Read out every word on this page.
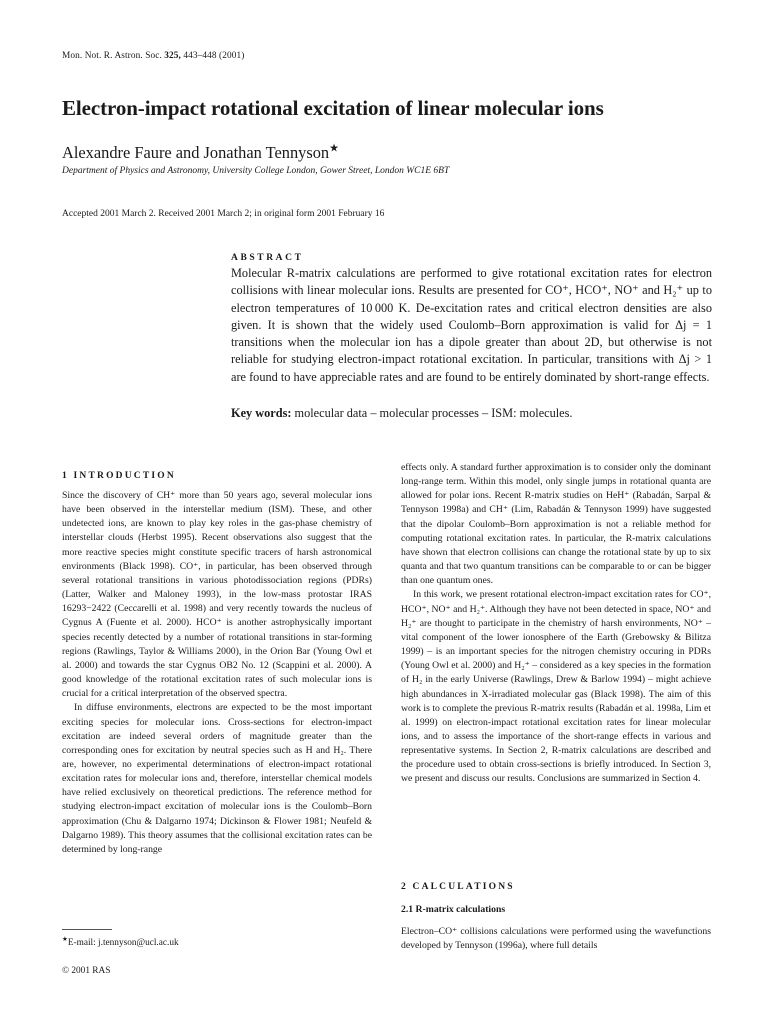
Mon. Not. R. Astron. Soc. 325, 443–448 (2001)
Electron-impact rotational excitation of linear molecular ions
Alexandre Faure and Jonathan Tennyson★
Department of Physics and Astronomy, University College London, Gower Street, London WC1E 6BT
Accepted 2001 March 2. Received 2001 March 2; in original form 2001 February 16
ABSTRACT

Molecular R-matrix calculations are performed to give rotational excitation rates for electron collisions with linear molecular ions. Results are presented for CO⁺, HCO⁺, NO⁺ and H₂⁺ up to electron temperatures of 10 000 K. De-excitation rates and critical electron densities are also given. It is shown that the widely used Coulomb–Born approximation is valid for Δj = 1 transitions when the molecular ion has a dipole greater than about 2D, but otherwise is not reliable for studying electron-impact rotational excitation. In particular, transitions with Δj > 1 are found to have appreciable rates and are found to be entirely dominated by short-range effects.

Key words: molecular data – molecular processes – ISM: molecules.

1 INTRODUCTION

Since the discovery of CH⁺ more than 50 years ago, several molecular ions have been observed in the interstellar medium (ISM). These, and other undetected ions, are known to play key roles in the gas-phase chemistry of interstellar clouds (Herbst 1995). Recent observations also suggest that the more reactive species might constitute specific tracers of harsh astronomical environments (Black 1998). CO⁺, in particular, has been observed through several rotational transitions in various photodissociation regions (PDRs) (Latter, Walker and Maloney 1993), in the low-mass protostar IRAS 16293−2422 (Ceccarelli et al. 1998) and very recently towards the nucleus of Cygnus A (Fuente et al. 2000). HCO⁺ is another astrophysically important species recently detected by a number of rotational transitions in star-forming regions (Rawlings, Taylor & Williams 2000), in the Orion Bar (Young Owl et al. 2000) and towards the star Cygnus OB2 No. 12 (Scappini et al. 2000). A good knowledge of the rotational excitation rates of such molecular ions is crucial for a critical interpretation of the observed spectra.

In diffuse environments, electrons are expected to be the most important exciting species for molecular ions. Cross-sections for electron-impact excitation are indeed several orders of magnitude greater than the corresponding ones for excitation by neutral species such as H and H₂. There are, however, no experimental determinations of electron-impact rotational excitation rates for molecular ions and, therefore, interstellar chemical models have relied exclusively on theoretical predictions. The reference method for studying electron-impact excitation of molecular ions is the Coulomb–Born approximation (Chu & Dalgarno 1974; Dickinson & Flower 1981; Neufeld & Dalgarno 1989). This theory assumes that the collisional excitation rates can be determined by long-range

effects only. A standard further approximation is to consider only the dominant long-range term. Within this model, only single jumps in rotational quanta are allowed for polar ions. Recent R-matrix studies on HeH⁺ (Rabadán, Sarpal & Tennyson 1998a) and CH⁺ (Lim, Rabadán & Tennyson 1999) have suggested that the dipolar Coulomb–Born approximation is not a reliable method for computing rotational excitation rates. In particular, the R-matrix calculations have shown that electron collisions can change the rotational state by up to six quanta and that two quantum transitions can be comparable to or can be bigger than one quantum ones.

In this work, we present rotational electron-impact excitation rates for CO⁺, HCO⁺, NO⁺ and H₂⁺. Although they have not been detected in space, NO⁺ and H₂⁺ are thought to participate in the chemistry of harsh environments, NO⁺ – vital component of the lower ionosphere of the Earth (Grebowsky & Bilitza 1999) – is an important species for the nitrogen chemistry occuring in PDRs (Young Owl et al. 2000) and H₂⁺ – considered as a key species in the formation of H₂ in the early Universe (Rawlings, Drew & Barlow 1994) – might achieve high abundances in X-irradiated molecular gas (Black 1998). The aim of this work is to complete the previous R-matrix results (Rabadán et al. 1998a, Lim et al. 1999) on electron-impact rotational excitation rates for linear molecular ions, and to assess the importance of the short-range effects in various and representative systems. In Section 2, R-matrix calculations are described and the procedure used to obtain cross-sections is briefly introduced. In Section 3, we present and discuss our results. Conclusions are summarized in Section 4.

2 CALCULATIONS
2.1 R-matrix calculations

Electron–CO⁺ collisions calculations were performed using the wavefunctions developed by Tennyson (1996a), where full details

★E-mail: j.tennyson@ucl.ac.uk
© 2001 RAS
